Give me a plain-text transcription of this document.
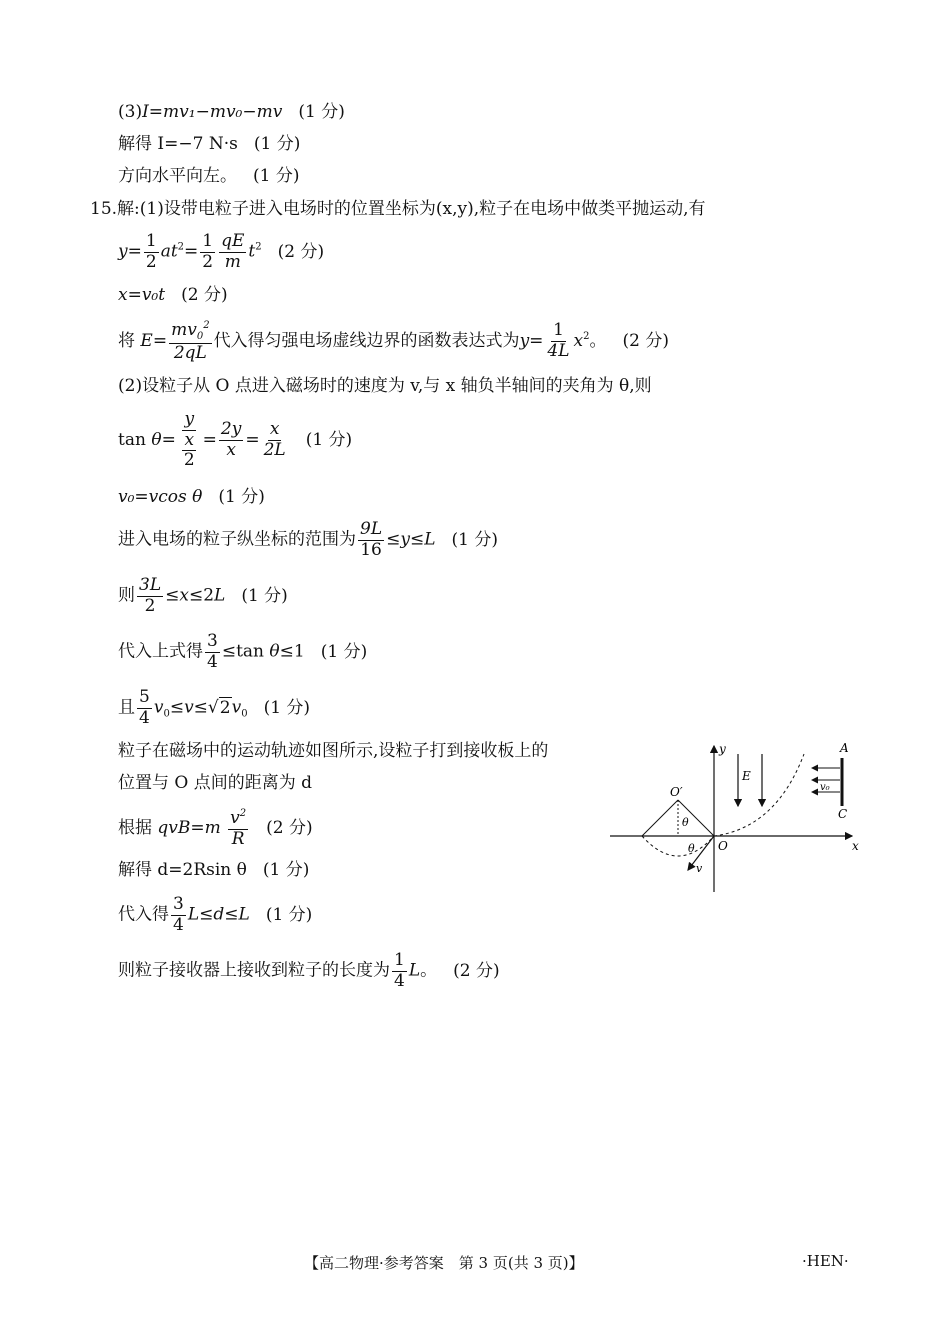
(3)I=mv₁−mv₀−mv (1 分)
解得 I=−7 N·s (1 分)
方向水平向左。 (1 分)
15.解:(1)设带电粒子进入电场时的位置坐标为(x,y),粒子在电场中做类平抛运动,有
$y= \frac{1}{2} at^2= \frac{1}{2} \frac{qE}{m} t^2$ (2 分)
x=v₀t (2 分)
将 $E= \frac{mv_0^2}{2qL}$ 代入得匀强电场虚线边界的函数表达式为$y= \frac{1}{4L} x^2$。 (2 分)
(2)设粒子从 O 点进入磁场时的速度为 v,与 x 轴负半轴间的夹角为 θ,则
$\tan \theta= \frac{y}{\frac{x}{2}} = \frac{2y}{x} = \frac{x}{2L} (1$ 分)
v₀=vcos θ (1 分)
进入电场的粒子纵坐标的范围为 $\frac{9L}{16} \le y\le L$ (1 分)
则 $\frac{3L}{2} \le x\le 2L$ (1 分)
代入上式得 $\frac{3}{4} \le\tan$ θ≤1 (1 分)
且 $\frac{5}{4} v_0\le v\le√2v_0$ (1 分)
粒子在磁场中的运动轨迹如图所示,设粒子打到接收板上的
位置与 O 点间的距离为 d
根据 $qvB=m \frac{v^2}{R} (2$ 分)
解得 d=2Rsin θ (1 分)
代入得 $\frac{3}{4} L\le d\le L$ (1 分)
则粒子接收器上接收到粒子的长度为 $\frac{1}{4}$ L。 (2 分)
x
y
E
A
C
v₀
O′
θ
θ
v
O
【高二物理·参考答案　第 3 页(共 3 页)】	·HEN·
